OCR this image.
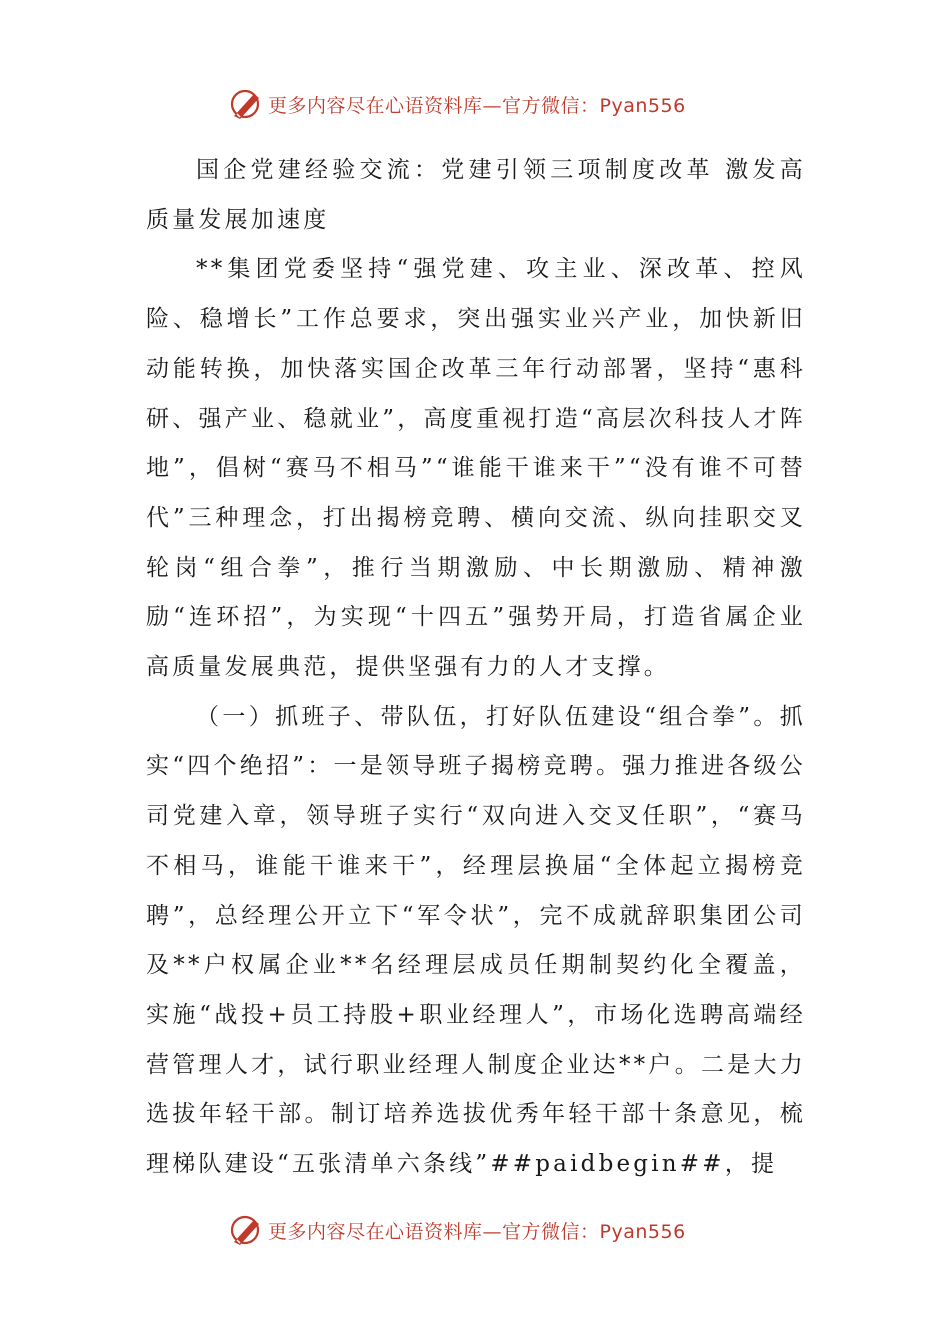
更多内容尽在心语资料库—官方微信：Pyan556

国企党建经验交流：党建引领三项制度改革 激发高质量发展加速度

**集团党委坚持“强党建、攻主业、深改革、控风险、稳增长”工作总要求，突出强实业兴产业，加快新旧动能转换，加快落实国企改革三年行动部署，坚持“惠科研、强产业、稳就业”，高度重视打造“高层次科技人才阵地”，倡树“赛马不相马”“谁能干谁来干”“没有谁不可替代”三种理念，打出揭榜竞聘、横向交流、纵向挂职交叉轮岗“组合拳”，推行当期激励、中长期激励、精神激励“连环招”，为实现“十四五”强势开局，打造省属企业高质量发展典范，提供坚强有力的人才支撑。

（一）抓班子、带队伍，打好队伍建设“组合拳”。抓实“四个绝招”：一是领导班子揭榜竞聘。强力推进各级公司党建入章，领导班子实行“双向进入交叉任职”，“赛马不相马，谁能干谁来干”，经理层换届“全体起立揭榜竞聘”，总经理公开立下“军令状”，完不成就辞职集团公司及**户权属企业**名经理层成员任期制契约化全覆盖，实施“战投+员工持股+职业经理人”，市场化选聘高端经营管理人才，试行职业经理人制度企业达**户。二是大力选拔年轻干部。制订培养选拔优秀年轻干部十条意见，梳理梯队建设“五张清单六条线”##paidbegin##，提

更多内容尽在心语资料库—官方微信：Pyan556
